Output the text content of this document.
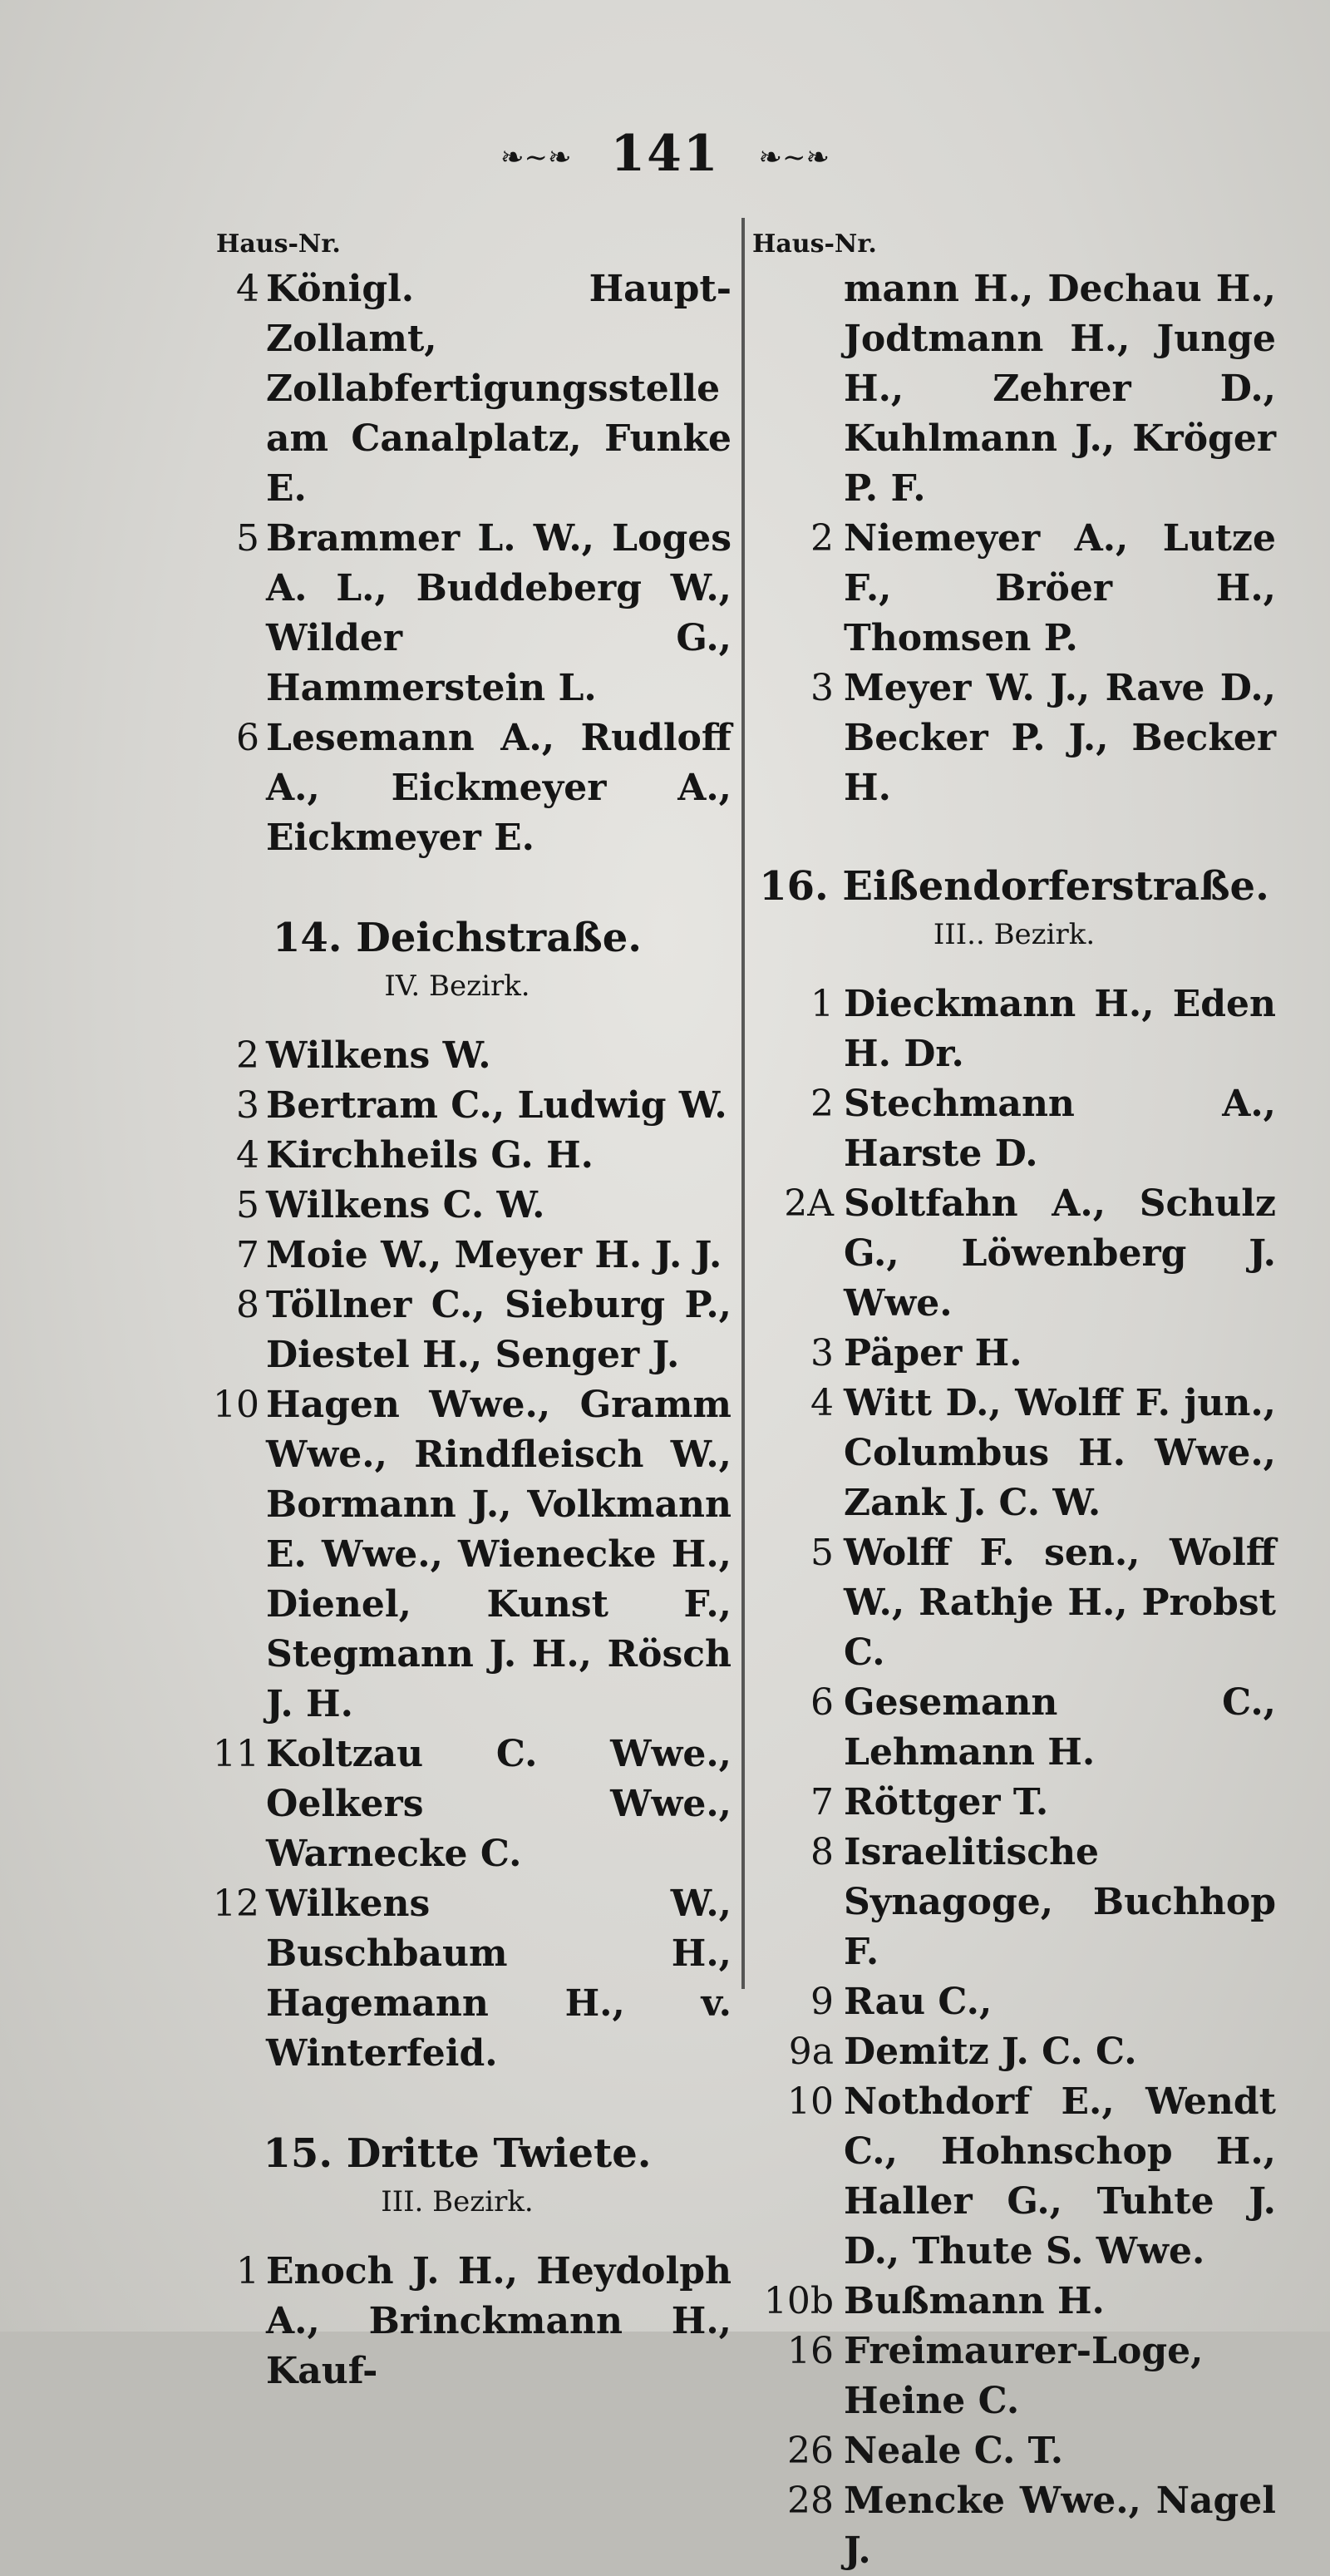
❧~❧ 141 ❧~❧
Haus-Nr.
4 Königl. Haupt-Zollamt, Zollabfertigungsstelle am Canalplatz, Funke E.
5 Brammer L. W., Loges A. L., Buddeberg W., Wilder G., Hammerstein L.
6 Lesemann A., Rudloff A., Eickmeyer A., Eickmeyer E.
14. Deichstraße.
IV. Bezirk.
2 Wilkens W.
3 Bertram C., Ludwig W.
4 Kirchheils G. H.
5 Wilkens C. W.
7 Moie W., Meyer H. J. J.
8 Töllner C., Sieburg P., Diestel H., Senger J.
10 Hagen Wwe., Gramm Wwe., Rindfleisch W., Bormann J., Volkmann E. Wwe., Wienecke H., Dienel, Kunst F., Stegmann J. H., Rösch J. H.
11 Koltzau C. Wwe., Oelkers Wwe., Warnecke C.
12 Wilkens W., Buschbaum H., Hagemann H., v. Winterfeid.
15. Dritte Twiete.
III. Bezirk.
1 Enoch J. H., Heydolph A., Brinckmann H., Kauf-
Haus-Nr.
mann H., Dechau H., Jodtmann H., Junge H., Zehrer D., Kuhlmann J., Kröger P. F.
2 Niemeyer A., Lutze F., Bröer H., Thomsen P.
3 Meyer W. J., Rave D., Becker P. J., Becker H.
16. Eißendorferstraße.
III.. Bezirk.
1 Dieckmann H., Eden H. Dr.
2 Stechmann A., Harste D.
2A Soltfahn A., Schulz G., Löwenberg J. Wwe.
3 Päper H.
4 Witt D., Wolff F. jun., Columbus H. Wwe., Zank J. C. W.
5 Wolff F. sen., Wolff W., Rathje H., Probst C.
6 Gesemann C., Lehmann H.
7 Röttger T.
8 Israelitische Synagoge, Buchhop F.
9 Rau C.,
9a Demitz J. C. C.
10 Nothdorf E., Wendt C., Hohnschop H., Haller G., Tuhte J. D., Thute S. Wwe.
10b Bußmann H.
16 Freimaurer-Loge, Heine C.
26 Neale C. T.
28 Mencke Wwe., Nagel J.
